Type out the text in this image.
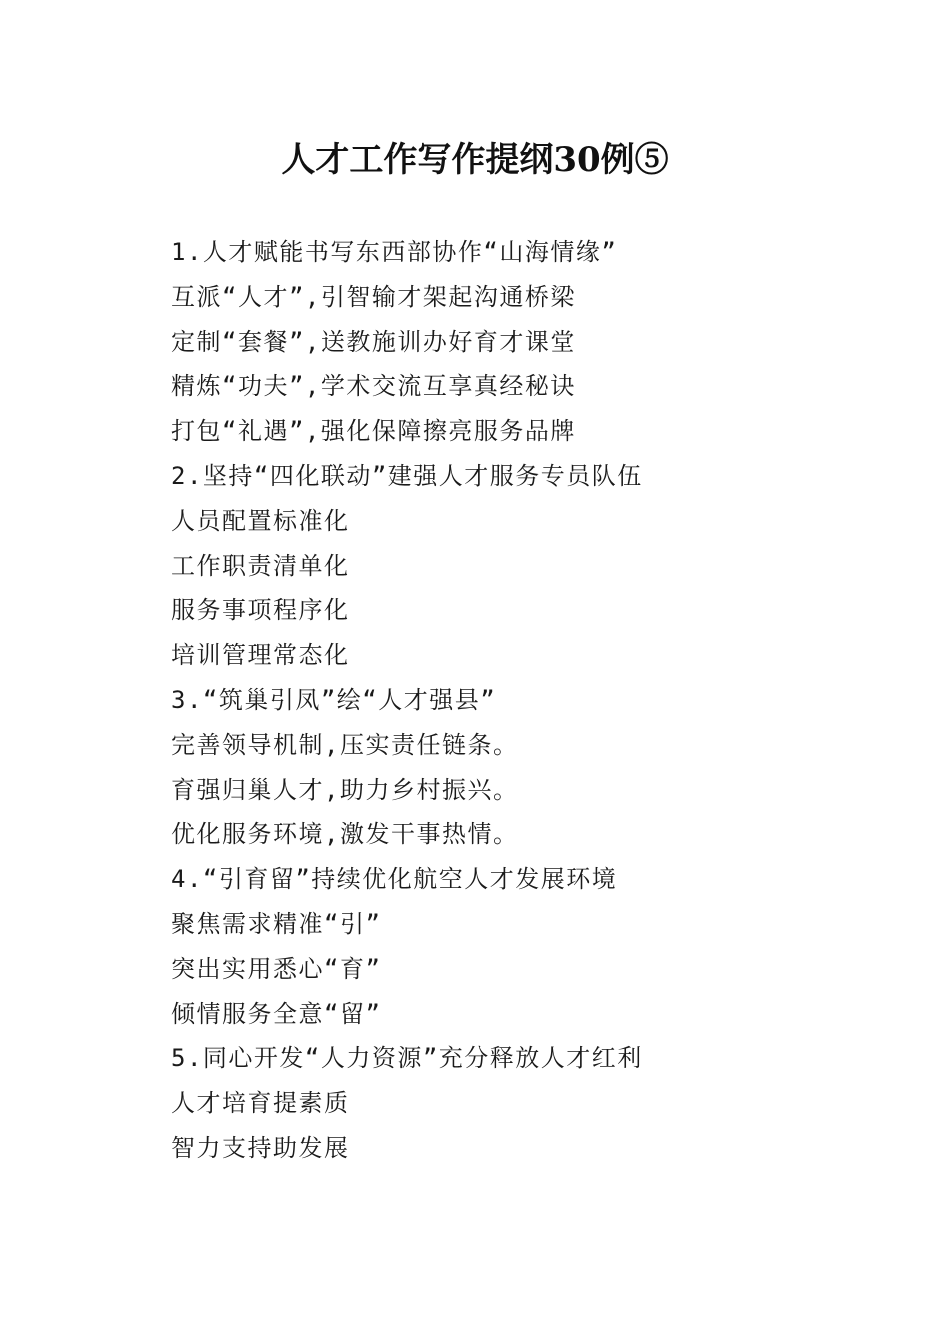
人才工作写作提纲30例⑤
1.人才赋能书写东西部协作“山海情缘”
互派“人才”,引智输才架起沟通桥梁
定制“套餐”,送教施训办好育才课堂
精炼“功夫”,学术交流互享真经秘诀
打包“礼遇”,强化保障擦亮服务品牌
2.坚持“四化联动”建强人才服务专员队伍
人员配置标准化
工作职责清单化
服务事项程序化
培训管理常态化
3.“筑巢引凤”绘“人才强县”
完善领导机制,压实责任链条。
育强归巢人才,助力乡村振兴。
优化服务环境,激发干事热情。
4.“引育留”持续优化航空人才发展环境
聚焦需求精准“引”
突出实用悉心“育”
倾情服务全意“留”
5.同心开发“人力资源”充分释放人才红利
人才培育提素质
智力支持助发展
